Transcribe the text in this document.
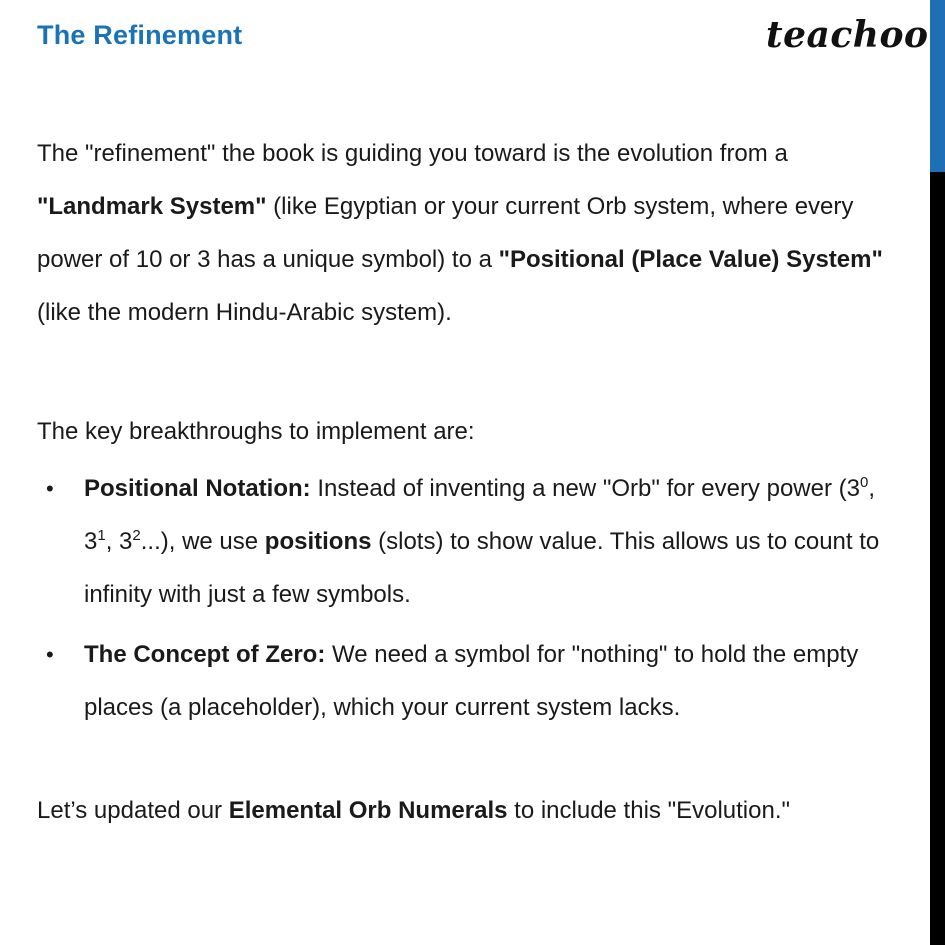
The Refinement	teachoo

The "refinement" the book is guiding you toward is the evolution from a "Landmark System" (like Egyptian or your current Orb system, where every power of 10 or 3 has a unique symbol) to a "Positional (Place Value) System" (like the modern Hindu-Arabic system).

The key breakthroughs to implement are:

• Positional Notation: Instead of inventing a new "Orb" for every power ($3^0$, $3^1$, $3^2$...), we use positions (slots) to show value. This allows us to count to infinity with just a few symbols.
• The Concept of Zero: We need a symbol for "nothing" to hold the empty places (a placeholder), which your current system lacks.

Let’s updated our Elemental Orb Numerals to include this "Evolution."
